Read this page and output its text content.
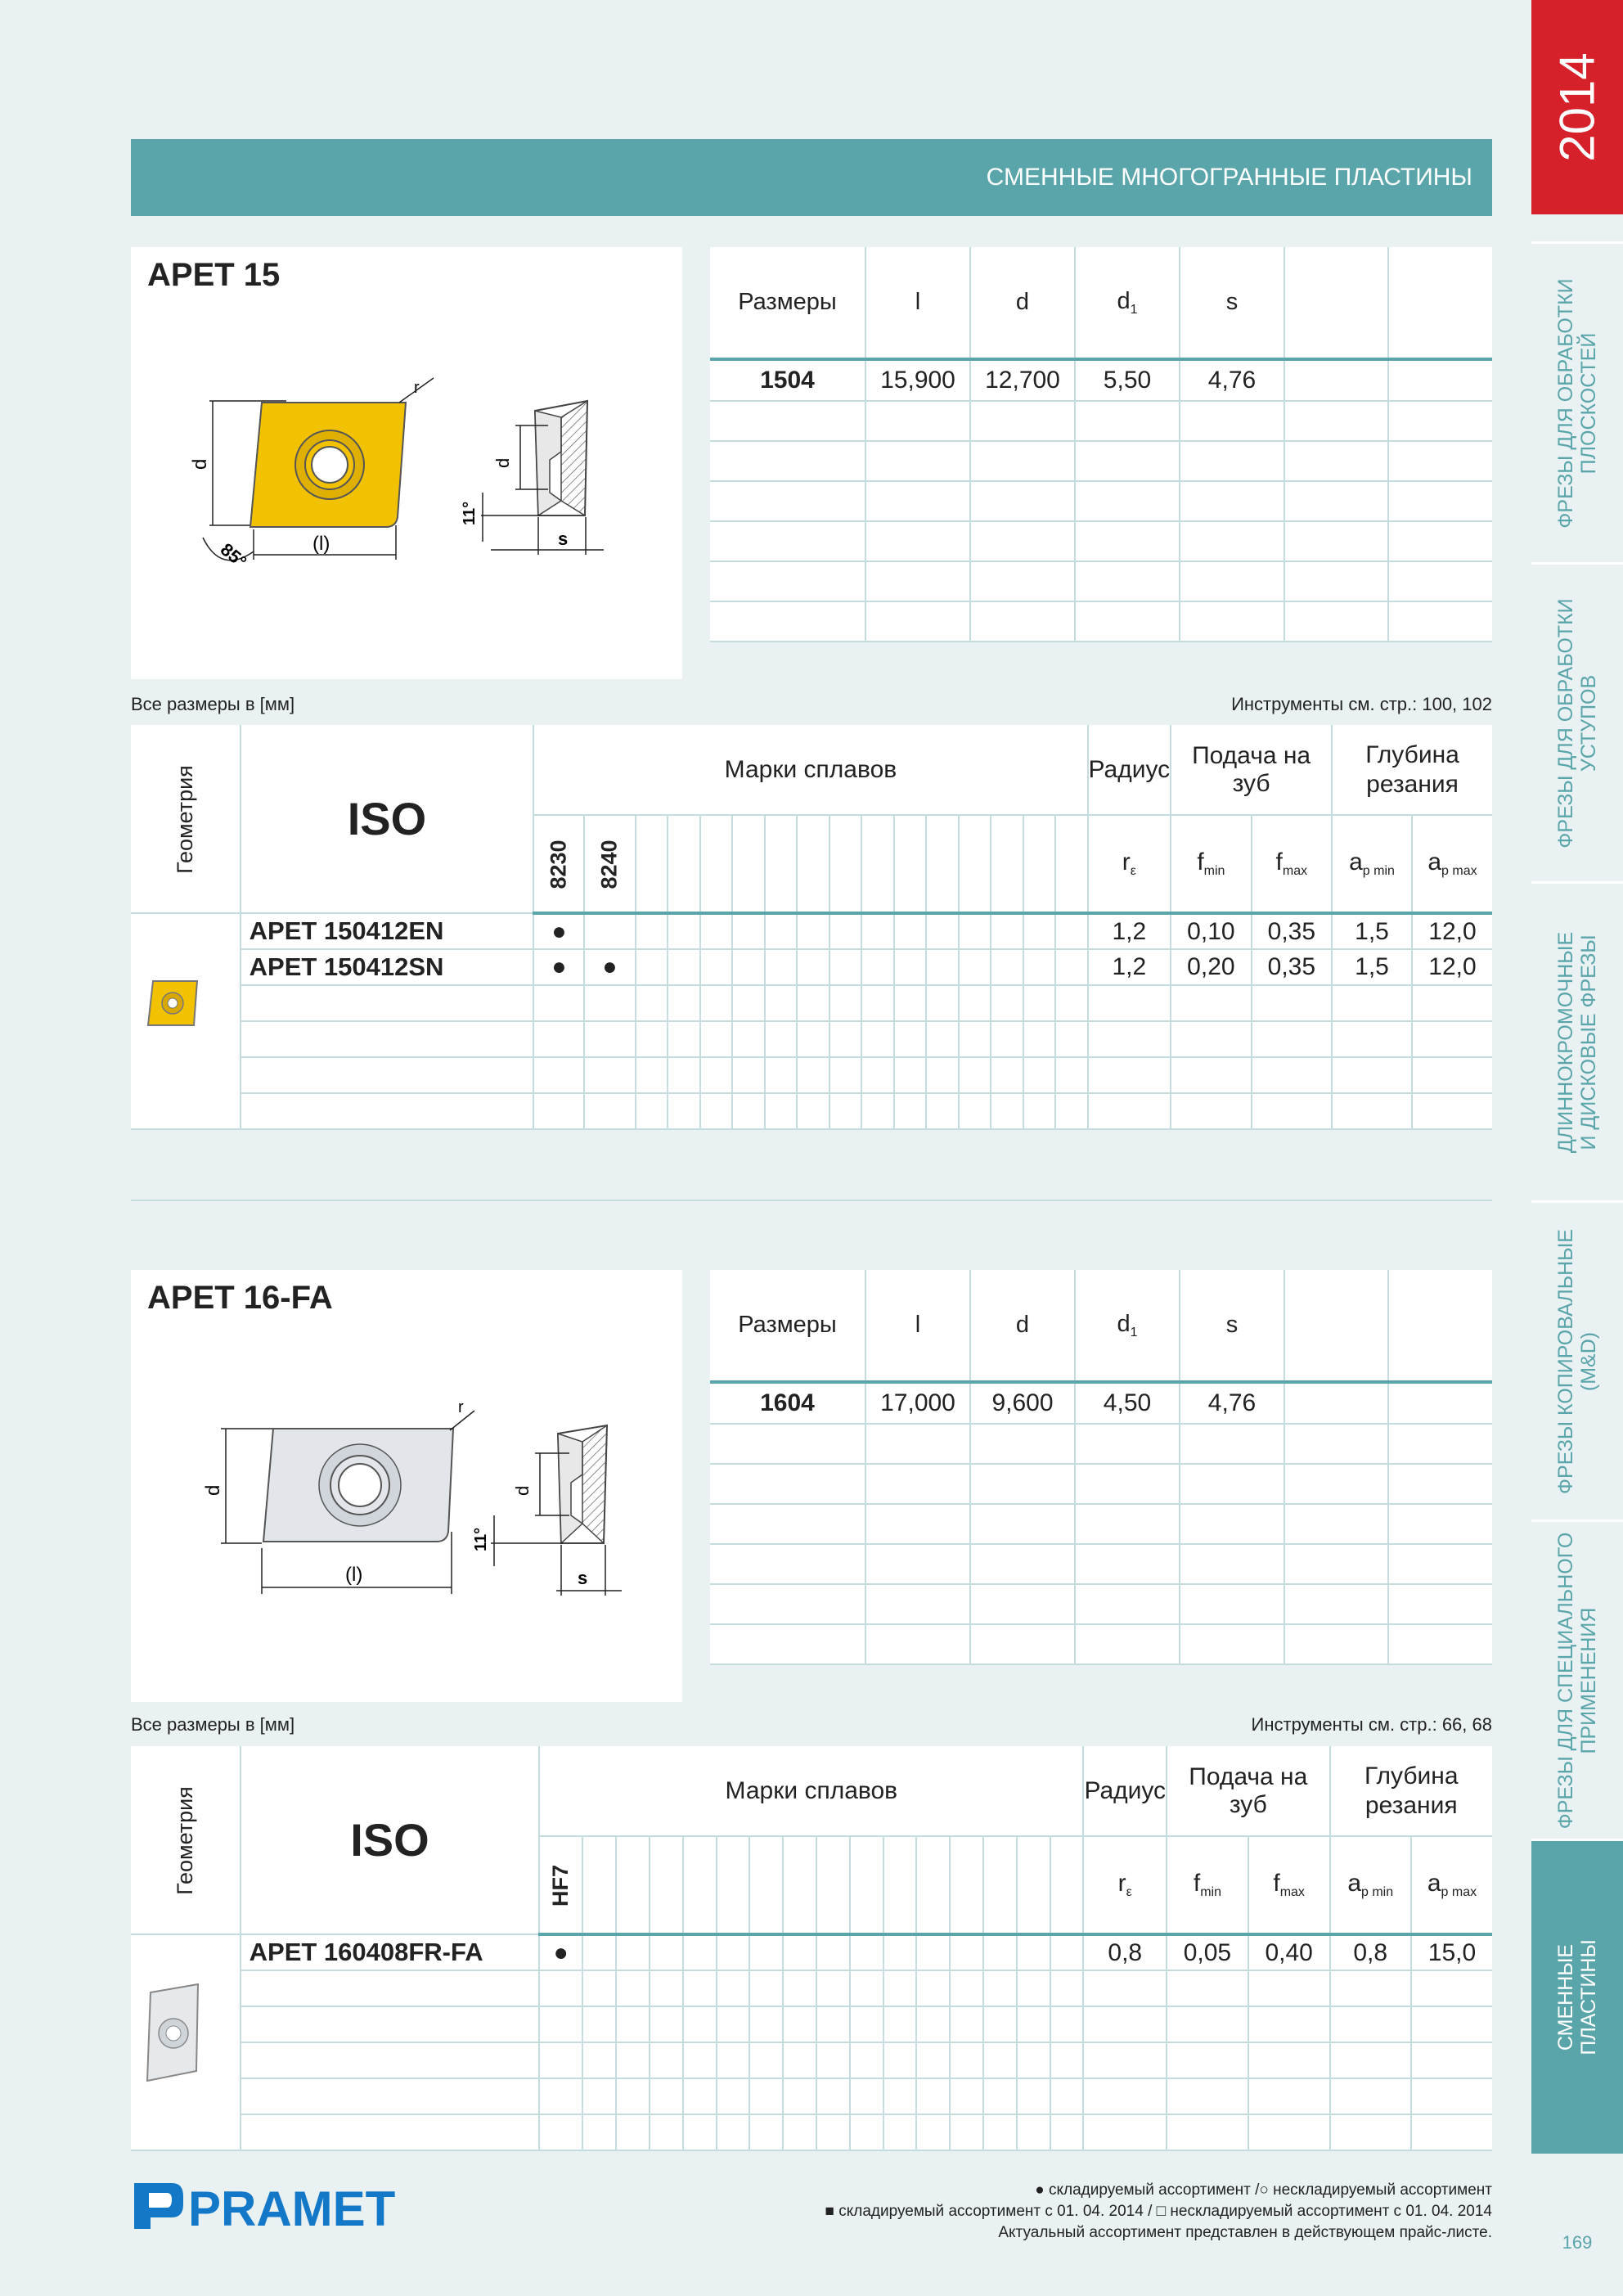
2014
ФРЕЗЫ ДЛЯ ОБРАБОТКИ
ПЛОСКОСТЕЙ
ФРЕЗЫ ДЛЯ ОБРАБОТКИ
УСТУПОВ
ДЛИННОКРОМОЧНЫЕ
И ДИСКОВЫЕ ФРЕЗЫ
ФРЕЗЫ КОПИРОВАЛЬНЫЕ
(M&D)
ФРЕЗЫ ДЛЯ СПЕЦИАЛЬНОГО
ПРИМЕНЕНИЯ
СМЕННЫЕ
ПЛАСТИНЫ
169
СМЕННЫЕ МНОГОГРАННЫЕ ПЛАСТИНЫ
APET 15
d
(l)
85°
r
d
11°
s
Размеры	l	d	$d_1$	s		
1504	15,900	12,700	5,50	4,76		

Все размеры в [мм]	Инструменты см. стр.: 100, 102
Геометрия	ISO	Марки сплавов																Радиус	Подача на зуб		Глубина
резания	
		8230	8240															$r_\varepsilon$	$f_{min}$	$f_{max}$	$a_{p min}$	$a_{p max}$

	APET 150412EN	●																1,2	0,10	0,35	1,5	12,0
	APET 150412SN	●	●															1,2	0,20	0,35	1,5	12,0

APET 16-FA
d
(l)
r
d
11°
s
Размеры	l	d	$d_1$	s		
1604	17,000	9,600	4,50	4,76		

Все размеры в [мм]	Инструменты см. стр.: 66, 68
Геометрия	ISO	Марки сплавов																Радиус	Подача на зуб		Глубина
резания	
		HF7																$r_\varepsilon$	$f_{min}$	$f_{max}$	$a_{p min}$	$a_{p max}$

	APET 160408FR-FA	●																0,8	0,05	0,40	0,8	15,0

PRAMET	● складируемый ассортимент /○ нескладируемый ассортимент
■ складируемый ассортимент с 01. 04. 2014 / □ нескладируемый ассортимент с 01. 04. 2014
Актуальный ассортимент представлен в действующем прайс-листе.
